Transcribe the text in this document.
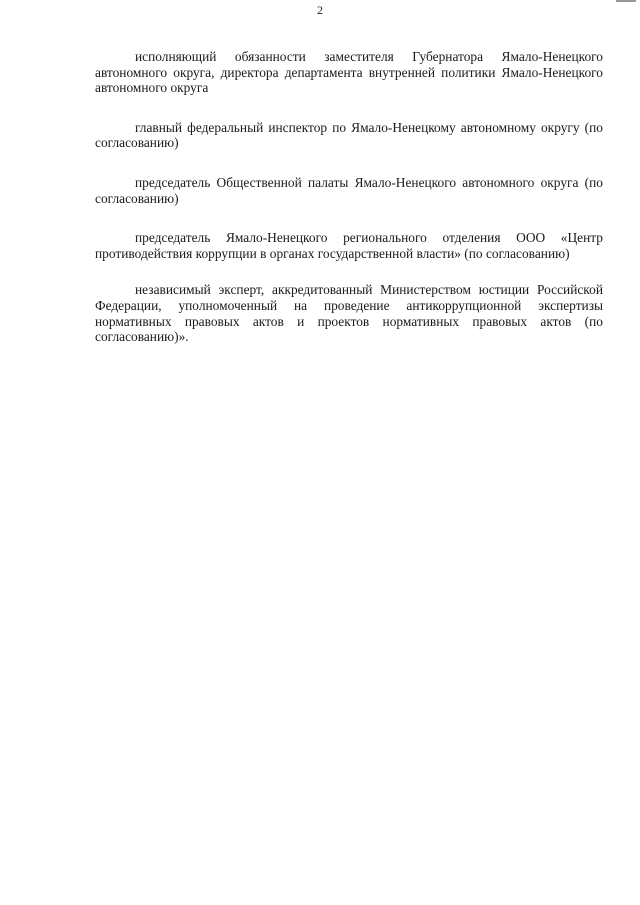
2

исполняющий обязанности заместителя Губернатора Ямало-Ненецкого автономного округа, директора департамента внутренней политики Ямало-Ненецкого автономного округа

главный федеральный инспектор по Ямало-Ненецкому автономному округу (по согласованию)

председатель Общественной палаты Ямало-Ненецкого автономного округа (по согласованию)

председатель Ямало-Ненецкого регионального отделения ООО «Центр противодействия коррупции в органах государственной власти» (по согласованию)

независимый эксперт, аккредитованный Министерством юстиции Российской Федерации, уполномоченный на проведение антикоррупционной экспертизы нормативных правовых актов и проектов нормативных правовых актов (по согласованию)».
